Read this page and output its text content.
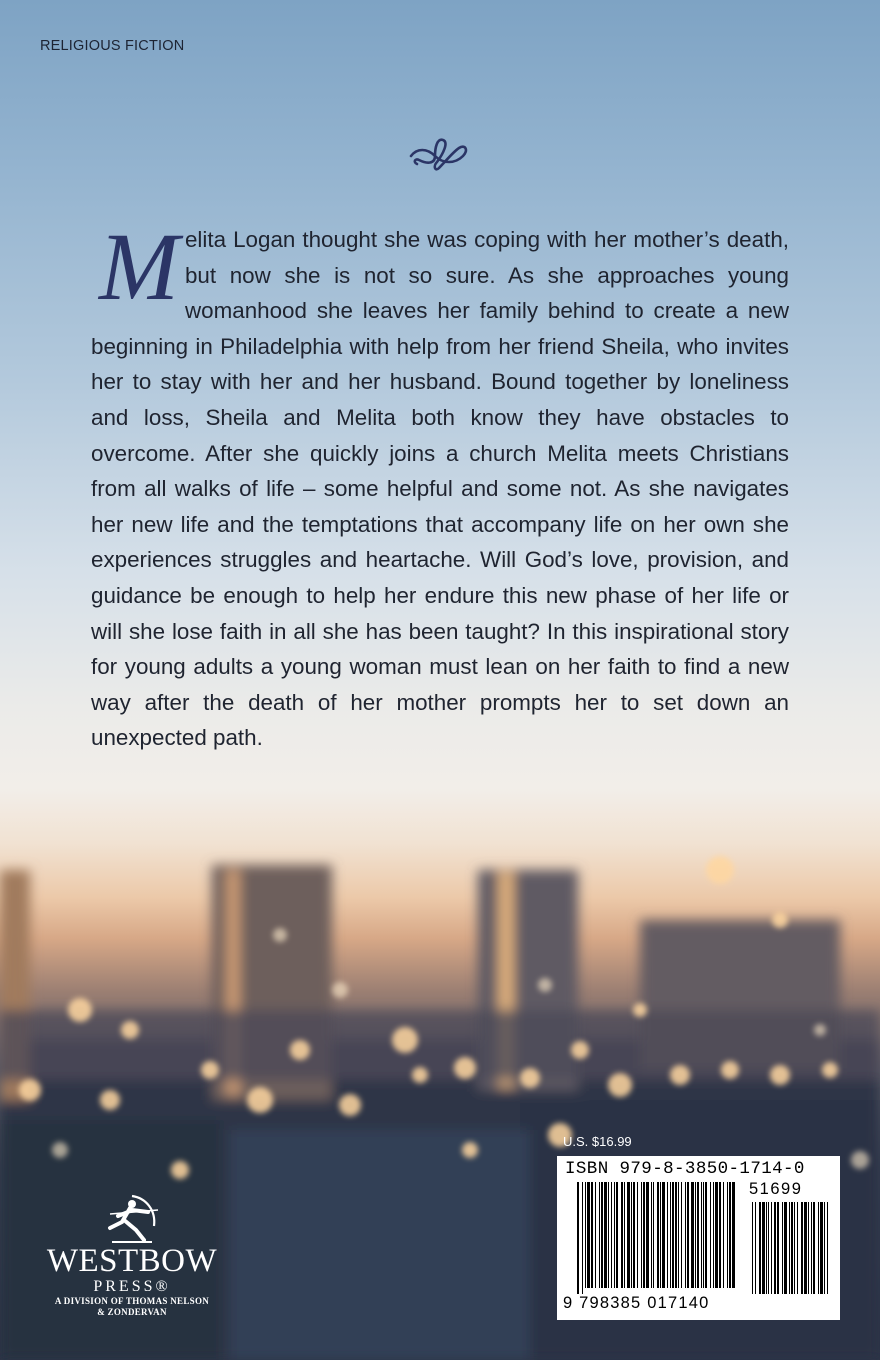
RELIGIOUS FICTION

Melita Logan thought she was coping with her mother’s death, but now she is not so sure. As she approaches young womanhood she leaves her family behind to create a new beginning in Philadelphia with help from her friend Sheila, who invites her to stay with her and her husband. Bound together by loneliness and loss, Sheila and Melita both know they have obstacles to overcome. After she quickly joins a church Melita meets Christians from all walks of life – some helpful and some not. As she navigates her new life and the temptations that accompany life on her own she experiences struggles and heartache. Will God’s love, provision, and guidance be enough to help her endure this new phase of her life or will she lose faith in all she has been taught? In this inspirational story for young adults a young woman must lean on her faith to find a new way after the death of her mother prompts her to set down an unexpected path.

WESTBOW
PRESS®
A DIVISION OF THOMAS NELSON
& ZONDERVAN
U.S. $16.99
ISBN 979-8-3850-1714-0
51699
9 798385 017140
